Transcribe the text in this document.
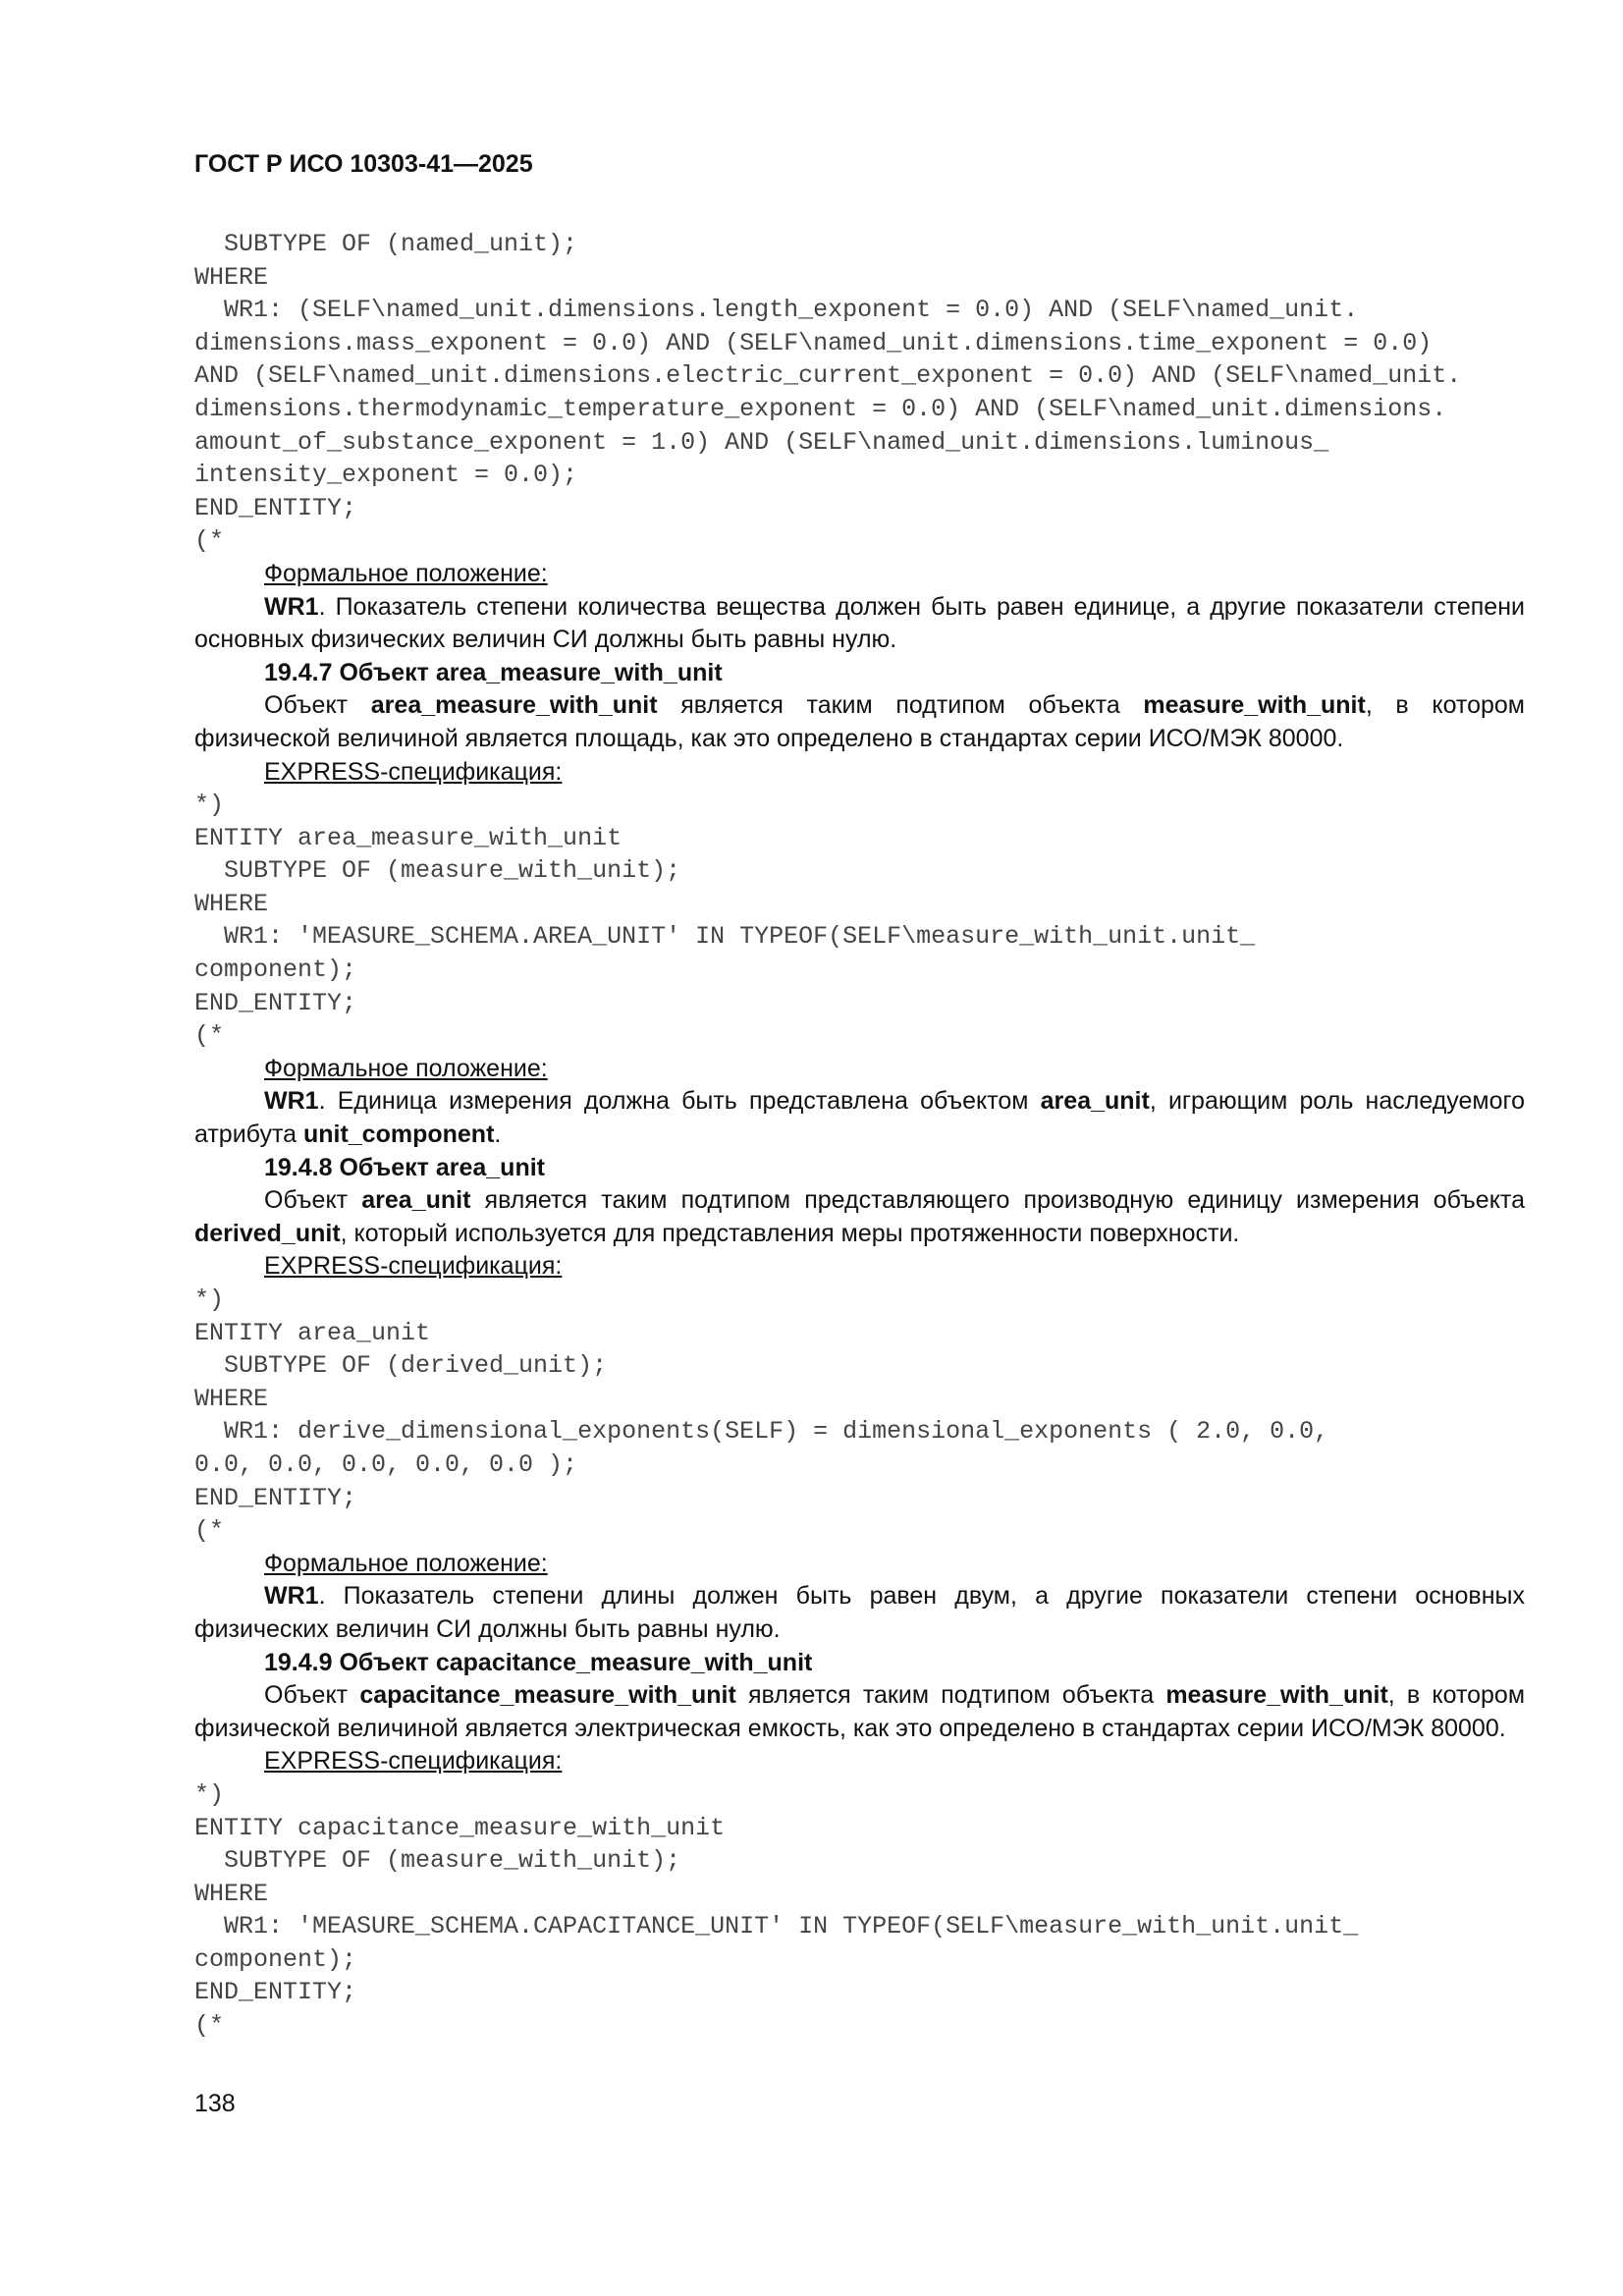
ГОСТ Р ИСО 10303-41—2025
SUBTYPE OF (named_unit);
WHERE
WR1: (SELF\named_unit.dimensions.length_exponent = 0.0) AND (SELF\named_unit.
dimensions.mass_exponent = 0.0) AND (SELF\named_unit.dimensions.time_exponent = 0.0)
AND (SELF\named_unit.dimensions.electric_current_exponent = 0.0) AND (SELF\named_unit.
dimensions.thermodynamic_temperature_exponent = 0.0) AND (SELF\named_unit.dimensions.
amount_of_substance_exponent = 1.0) AND (SELF\named_unit.dimensions.luminous_
intensity_exponent = 0.0);
END_ENTITY;
(*
Формальное положение:
WR1. Показатель степени количества вещества должен быть равен единице, а другие показатели степени основных физических величин СИ должны быть равны нулю.
19.4.7 Объект area_measure_with_unit
Объект area_measure_with_unit является таким подтипом объекта measure_with_unit, в котором физической величиной является площадь, как это определено в стандартах серии ИСО/МЭК 80000.
EXPRESS-спецификация:
*)
ENTITY area_measure_with_unit
SUBTYPE OF (measure_with_unit);
WHERE
WR1: 'MEASURE_SCHEMA.AREA_UNIT' IN TYPEOF(SELF\measure_with_unit.unit_
component);
END_ENTITY;
(*
Формальное положение:
WR1. Единица измерения должна быть представлена объектом area_unit, играющим роль наследуемого атрибута unit_component.
19.4.8 Объект area_unit
Объект area_unit является таким подтипом представляющего производную единицу измерения объекта derived_unit, который используется для представления меры протяженности поверхности.
EXPRESS-спецификация:
*)
ENTITY area_unit
SUBTYPE OF (derived_unit);
WHERE
WR1: derive_dimensional_exponents(SELF) = dimensional_exponents ( 2.0, 0.0,
0.0, 0.0, 0.0, 0.0, 0.0 );
END_ENTITY;
(*
Формальное положение:
WR1. Показатель степени длины должен быть равен двум, а другие показатели степени основных физических величин СИ должны быть равны нулю.
19.4.9 Объект capacitance_measure_with_unit
Объект capacitance_measure_with_unit является таким подтипом объекта measure_with_unit, в котором физической величиной является электрическая емкость, как это определено в стандартах серии ИСО/МЭК 80000.
EXPRESS-спецификация:
*)
ENTITY capacitance_measure_with_unit
SUBTYPE OF (measure_with_unit);
WHERE
WR1: 'MEASURE_SCHEMA.CAPACITANCE_UNIT' IN TYPEOF(SELF\measure_with_unit.unit_
component);
END_ENTITY;
(*
138
